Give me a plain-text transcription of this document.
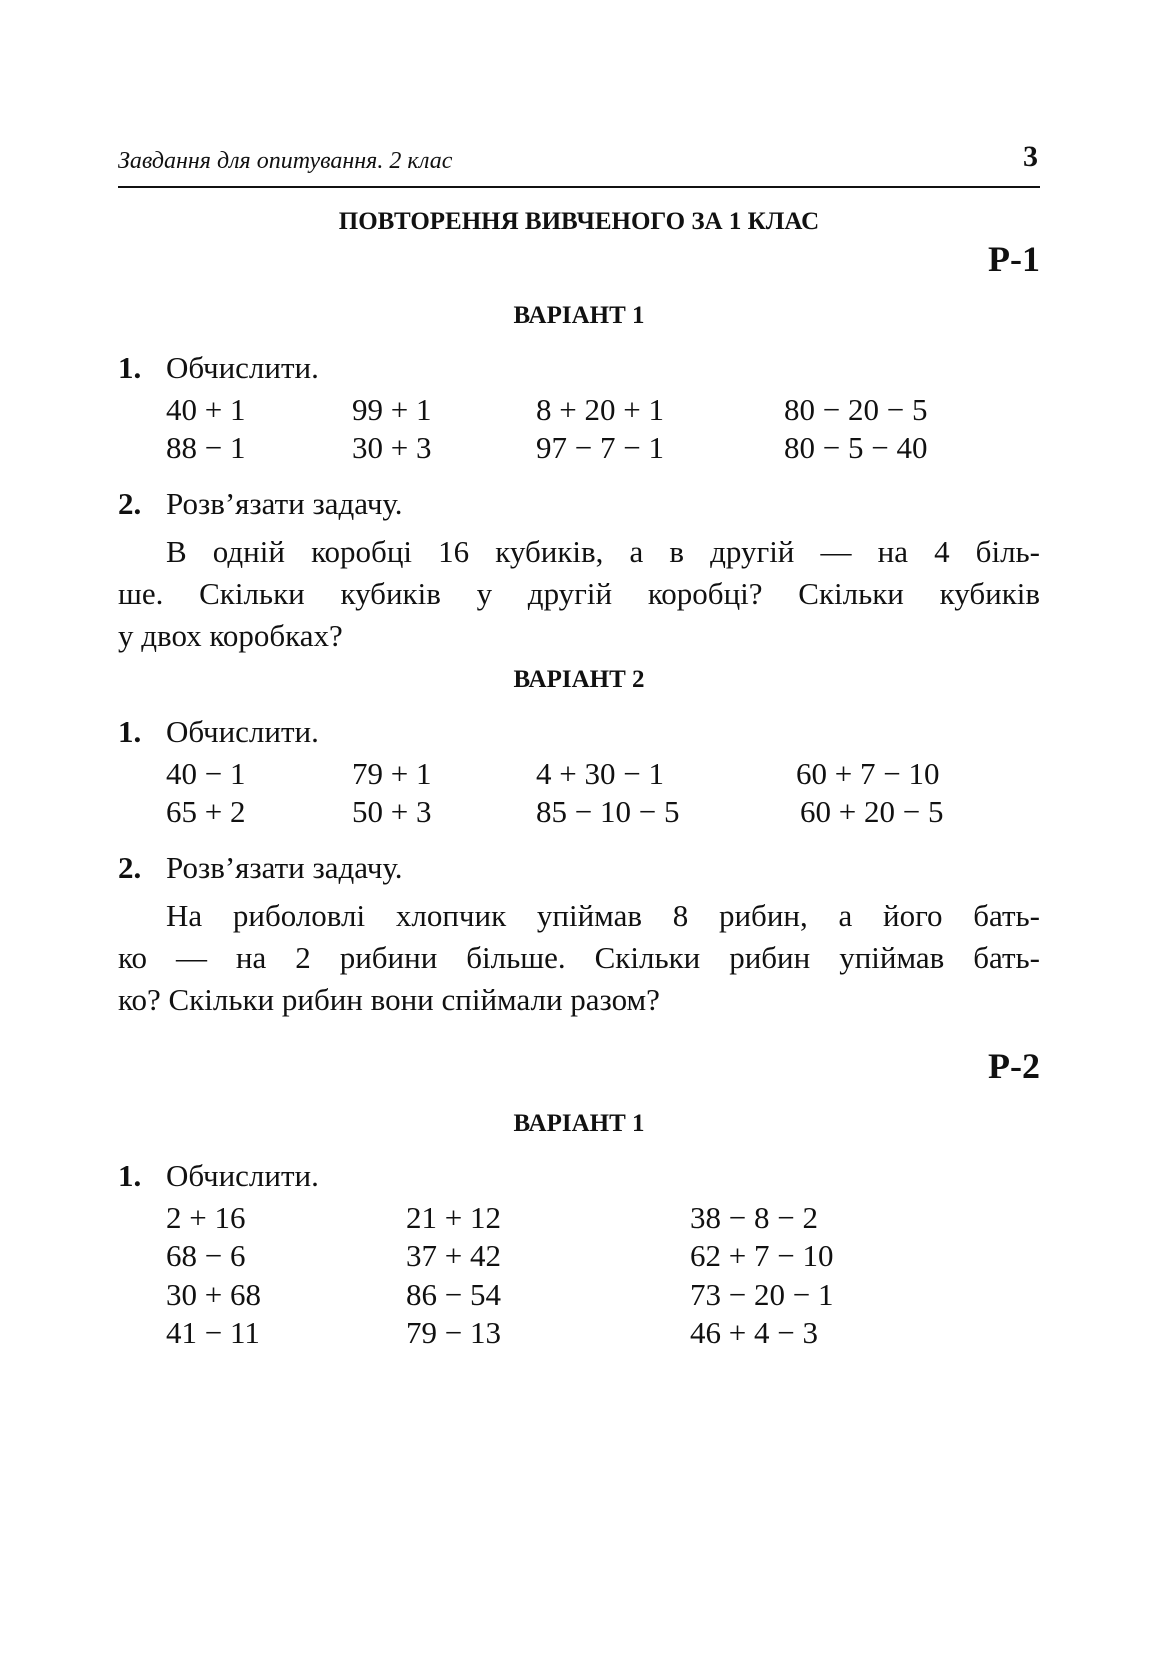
Завдання для опитування. 2 клас	3
ПОВТОРЕННЯ ВИВЧЕНОГО ЗА 1 КЛАС
Р-1
ВАРІАНТ 1
1. Обчислити.
40 + 1	99 + 1	8 + 20 + 1	80 − 20 − 5
88 − 1	30 + 3	97 − 7 − 1	80 − 5 − 40
2. Розв’язати задачу.
В одній коробці 16 кубиків, а в другій — на 4 біль-
ше. Скільки кубиків у другій коробці? Скільки кубиків
у двох коробках?
ВАРІАНТ 2
1. Обчислити.
40 − 1	79 + 1	4 + 30 − 1	60 + 7 − 10
65 + 2	50 + 3	85 − 10 − 5	60 + 20 − 5
2. Розв’язати задачу.
На риболовлі хлопчик упіймав 8 рибин, а його бать-
ко — на 2 рибини більше. Скільки рибин упіймав бать-
ко? Скільки рибин вони спіймали разом?
Р-2
ВАРІАНТ 1
1. Обчислити.
2 + 16	21 + 12	38 − 8 − 2
68 − 6	37 + 42	62 + 7 − 10
30 + 68	86 − 54	73 − 20 − 1
41 − 11	79 − 13	46 + 4 − 3
